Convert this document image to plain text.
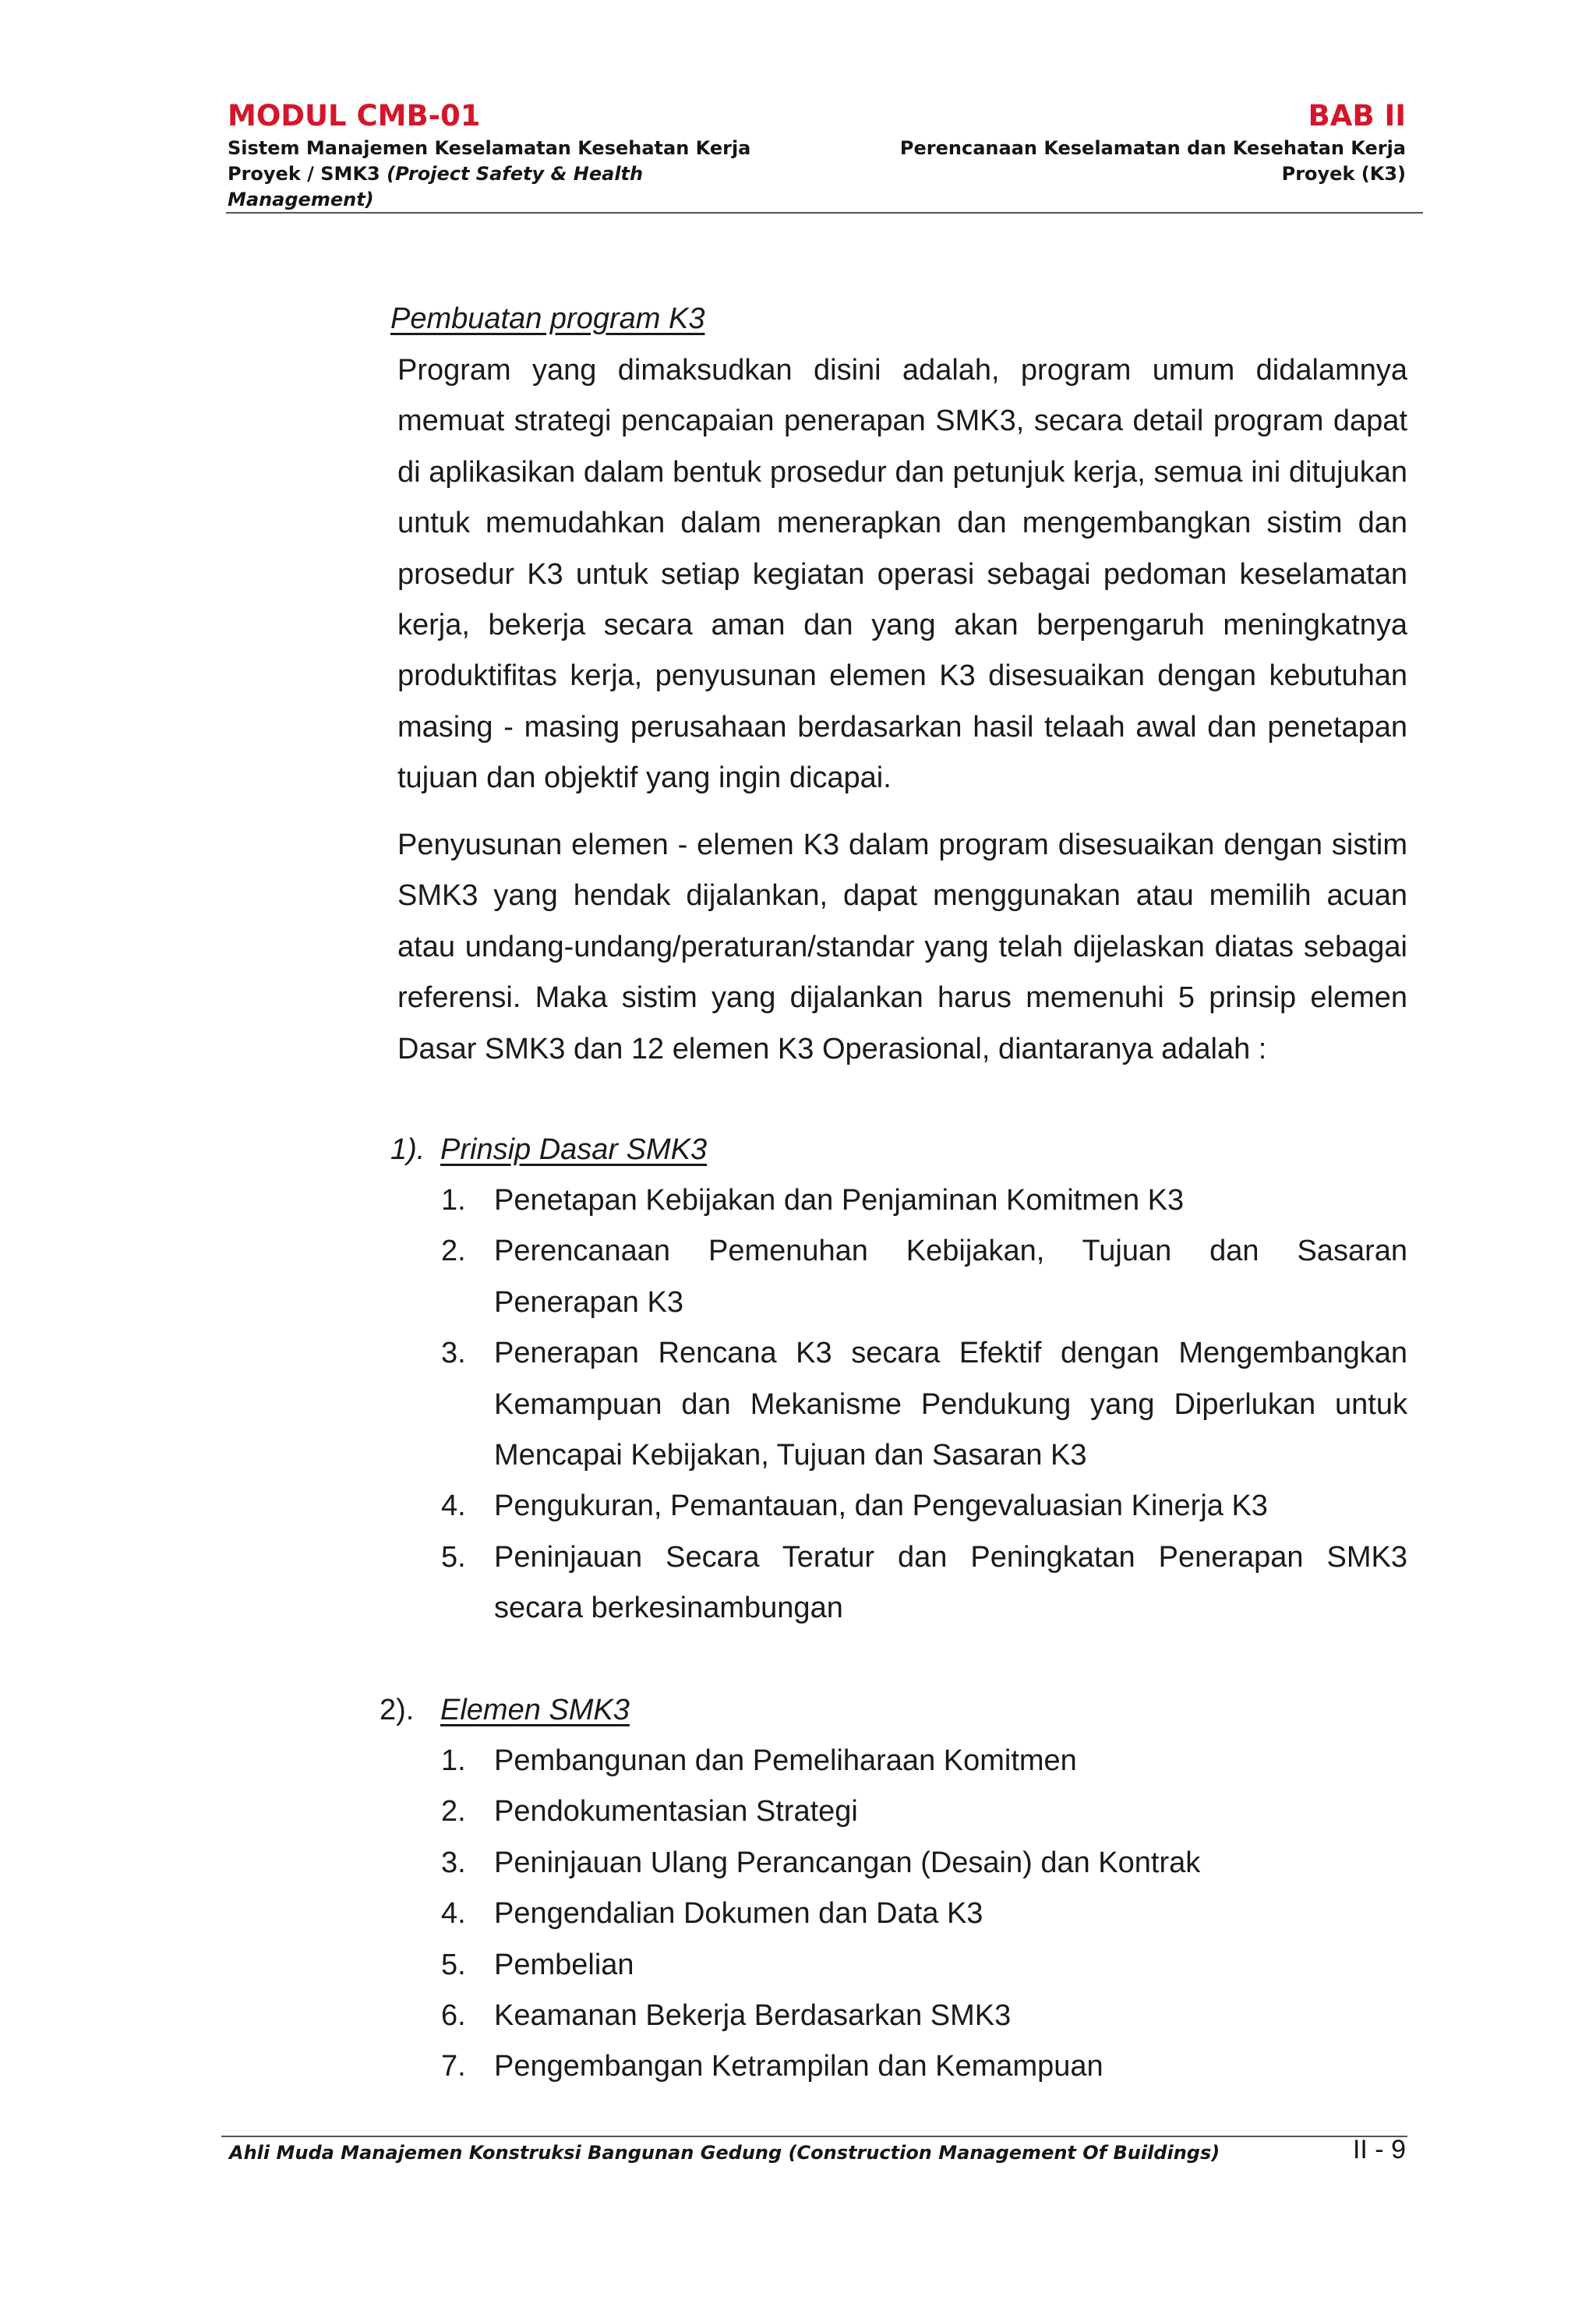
MODUL CMB-01
Sistem Manajemen Keselamatan Kesehatan Kerja
Proyek / SMK3 (Project Safety & Health
Management)
BAB II
Perencanaan Keselamatan dan Kesehatan Kerja
Proyek (K3)
Pembuatan program K3
Program yang dimaksudkan disini adalah, program umum didalamnya memuat strategi pencapaian penerapan SMK3, secara detail program dapat di aplikasikan dalam bentuk prosedur dan petunjuk kerja, semua ini ditujukan untuk memudahkan dalam menerapkan dan mengembangkan sistim dan prosedur K3 untuk setiap kegiatan operasi sebagai pedoman keselamatan kerja, bekerja secara aman dan yang akan berpengaruh meningkatnya produktifitas kerja, penyusunan elemen K3 disesuaikan dengan kebutuhan masing - masing perusahaan berdasarkan hasil telaah awal dan penetapan tujuan dan objektif yang ingin dicapai.
Penyusunan elemen - elemen K3 dalam program disesuaikan dengan sistim SMK3 yang hendak dijalankan, dapat menggunakan atau memilih acuan atau undang-undang/peraturan/standar yang telah dijelaskan diatas sebagai referensi. Maka sistim yang dijalankan harus memenuhi 5 prinsip elemen Dasar SMK3 dan 12 elemen K3 Operasional, diantaranya adalah :
1). Prinsip Dasar SMK3
1. Penetapan Kebijakan dan Penjaminan Komitmen K3
2. Perencanaan Pemenuhan Kebijakan, Tujuan dan Sasaran Penerapan K3
3. Penerapan Rencana K3 secara Efektif dengan Mengembangkan Kemampuan dan Mekanisme Pendukung yang Diperlukan untuk Mencapai Kebijakan, Tujuan dan Sasaran K3
4. Pengukuran, Pemantauan, dan Pengevaluasian Kinerja K3
5. Peninjauan Secara Teratur dan Peningkatan Penerapan SMK3 secara berkesinambungan
2). Elemen SMK3
1. Pembangunan dan Pemeliharaan Komitmen
2. Pendokumentasian Strategi
3. Peninjauan Ulang Perancangan (Desain) dan Kontrak
4. Pengendalian Dokumen dan Data K3
5. Pembelian
6. Keamanan Bekerja Berdasarkan SMK3
7. Pengembangan Ketrampilan dan Kemampuan
Ahli Muda Manajemen Konstruksi Bangunan Gedung (Construction Management Of Buildings)	II - 9
